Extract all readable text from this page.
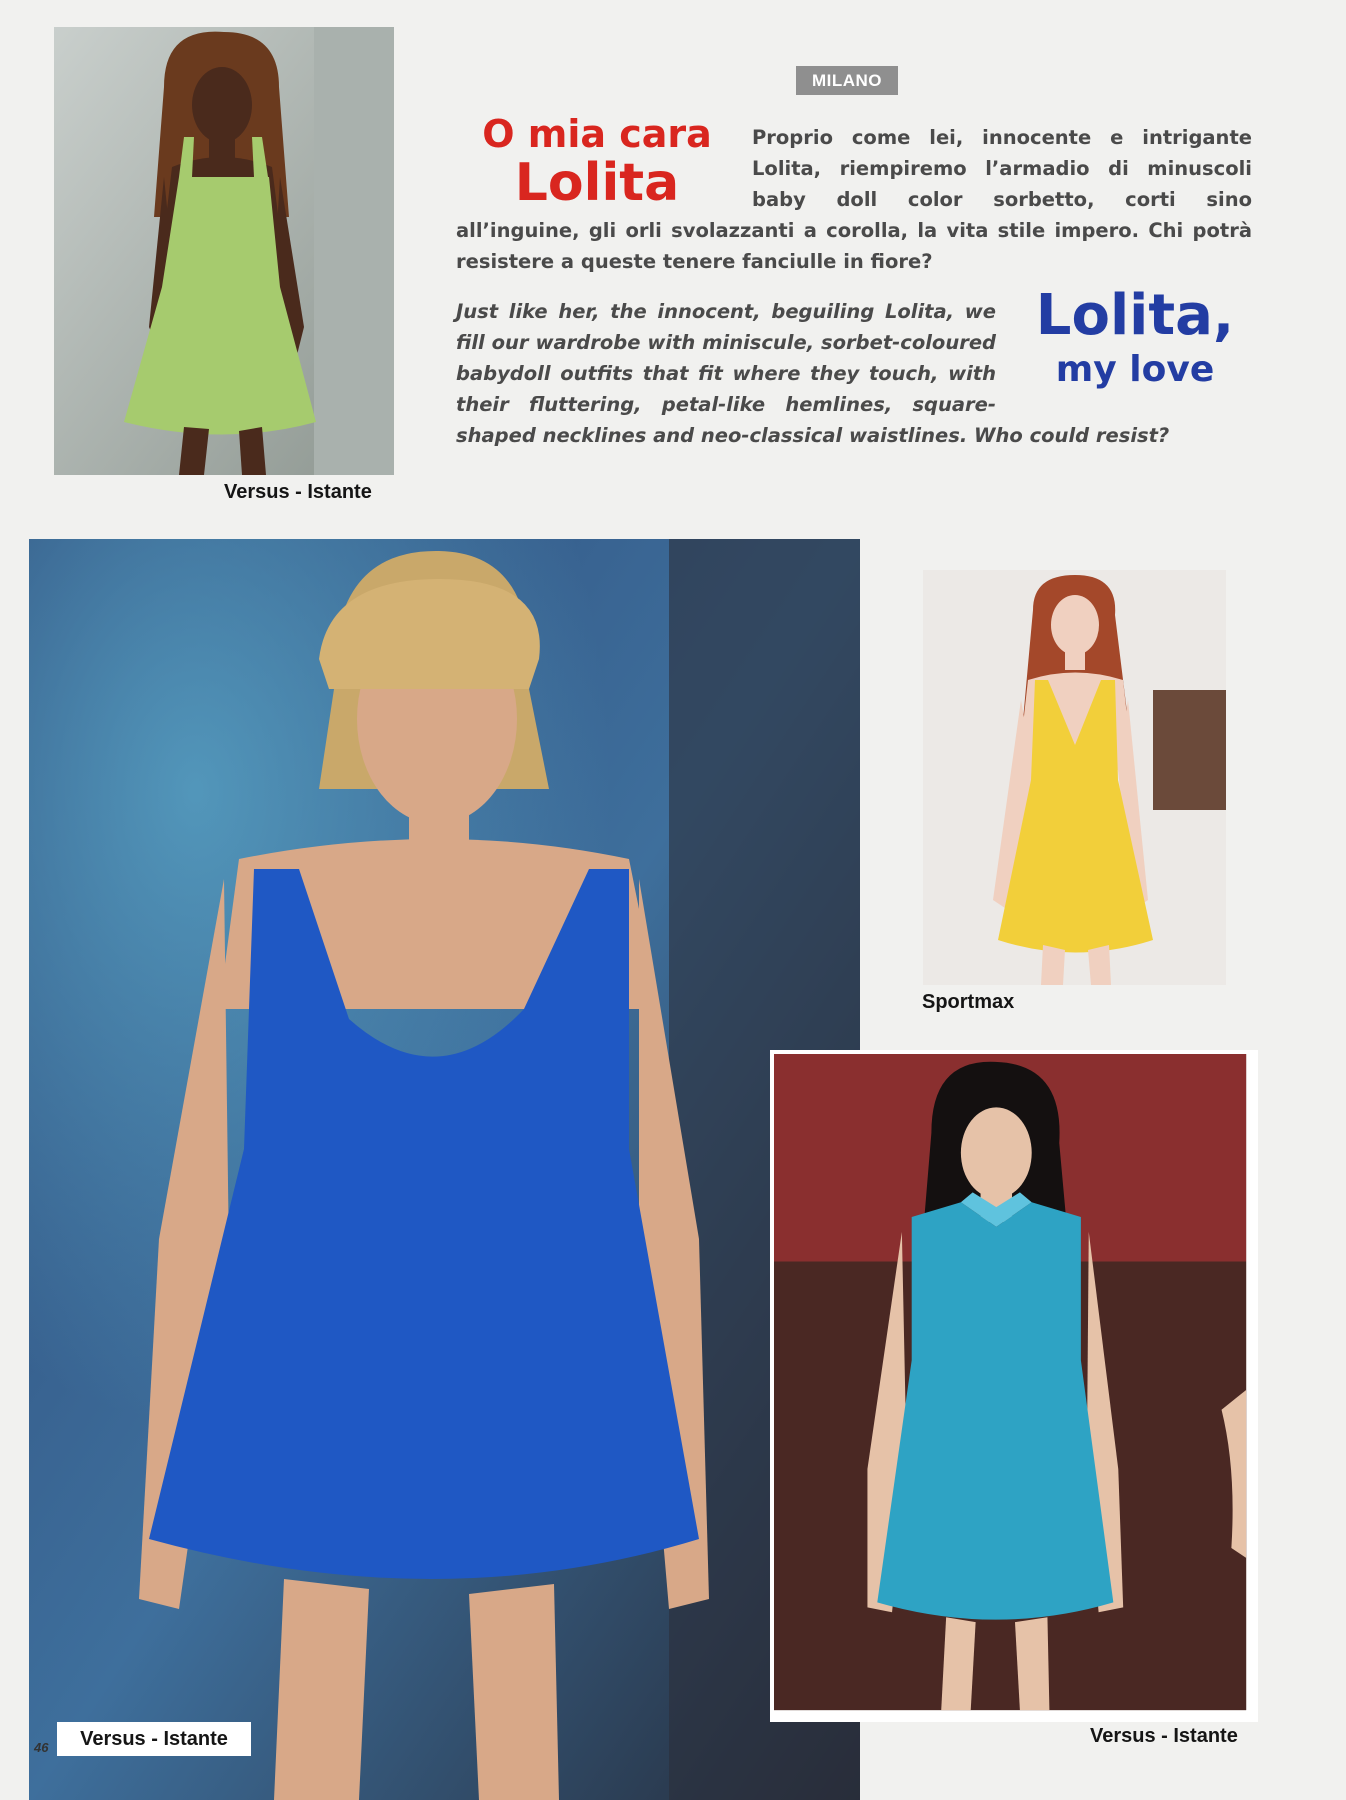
Versus - Istante
MILANO
O mia cara
Lolita

Proprio come lei, innocente e intrigante Lolita, riempiremo l’armadio di minuscoli baby doll color sorbetto, corti sino all’inguine, gli orli svolazzanti a corolla, la vita stile impero. Chi potrà resistere a queste tenere fanciulle in fiore?

Lolita,
my love

Just like her, the innocent, beguiling Lolita, we fill our wardrobe with miniscule, sorbet-coloured babydoll outfits that fit where they touch, with their fluttering, petal-like hemlines, square-shaped necklines and neo-classical waistlines. Who could resist?

Versus - Istante
46
Sportmax
Versus - Istante
